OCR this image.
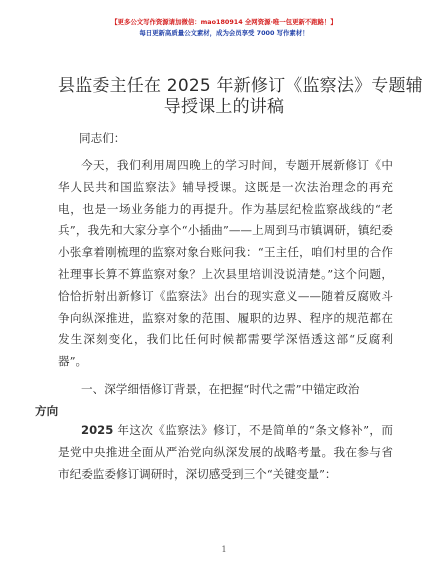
【更多公文写作资源请加微信：mao180914 全网资源·唯一包更新不跑路！】
每日更新高质量公文素材，成为会员享受 7000 写作素材！
县监委主任在 2025 年新修订《监察法》专题辅
导授课上的讲稿
同志们：

今天，我们利用周四晚上的学习时间，专题开展新修订《中华人民共和国监察法》辅导授课。这既是一次法治理念的再充电，也是一场业务能力的再提升。作为基层纪检监察战线的“老兵”，我先和大家分享个“小插曲”——上周到马市镇调研，镇纪委小张拿着刚梳理的监察对象台账问我：“王主任，咱们村里的合作社理事长算不算监察对象？上次县里培训没说清楚。”这个问题，恰恰折射出新修订《监察法》出台的现实意义——随着反腐败斗争向纵深推进，监察对象的范围、履职的边界、程序的规范都在发生深刻变化，我们比任何时候都需要学深悟透这部“反腐利器”。

一、深学细悟修订背景，在把握“时代之需”中锚定政治
方向

2025 年这次《监察法》修订，不是简单的“条文修补”，而是党中央推进全面从严治党向纵深发展的战略考量。我在参与省市纪委监委修订调研时，深切感受到三个“关键变量”：

1
